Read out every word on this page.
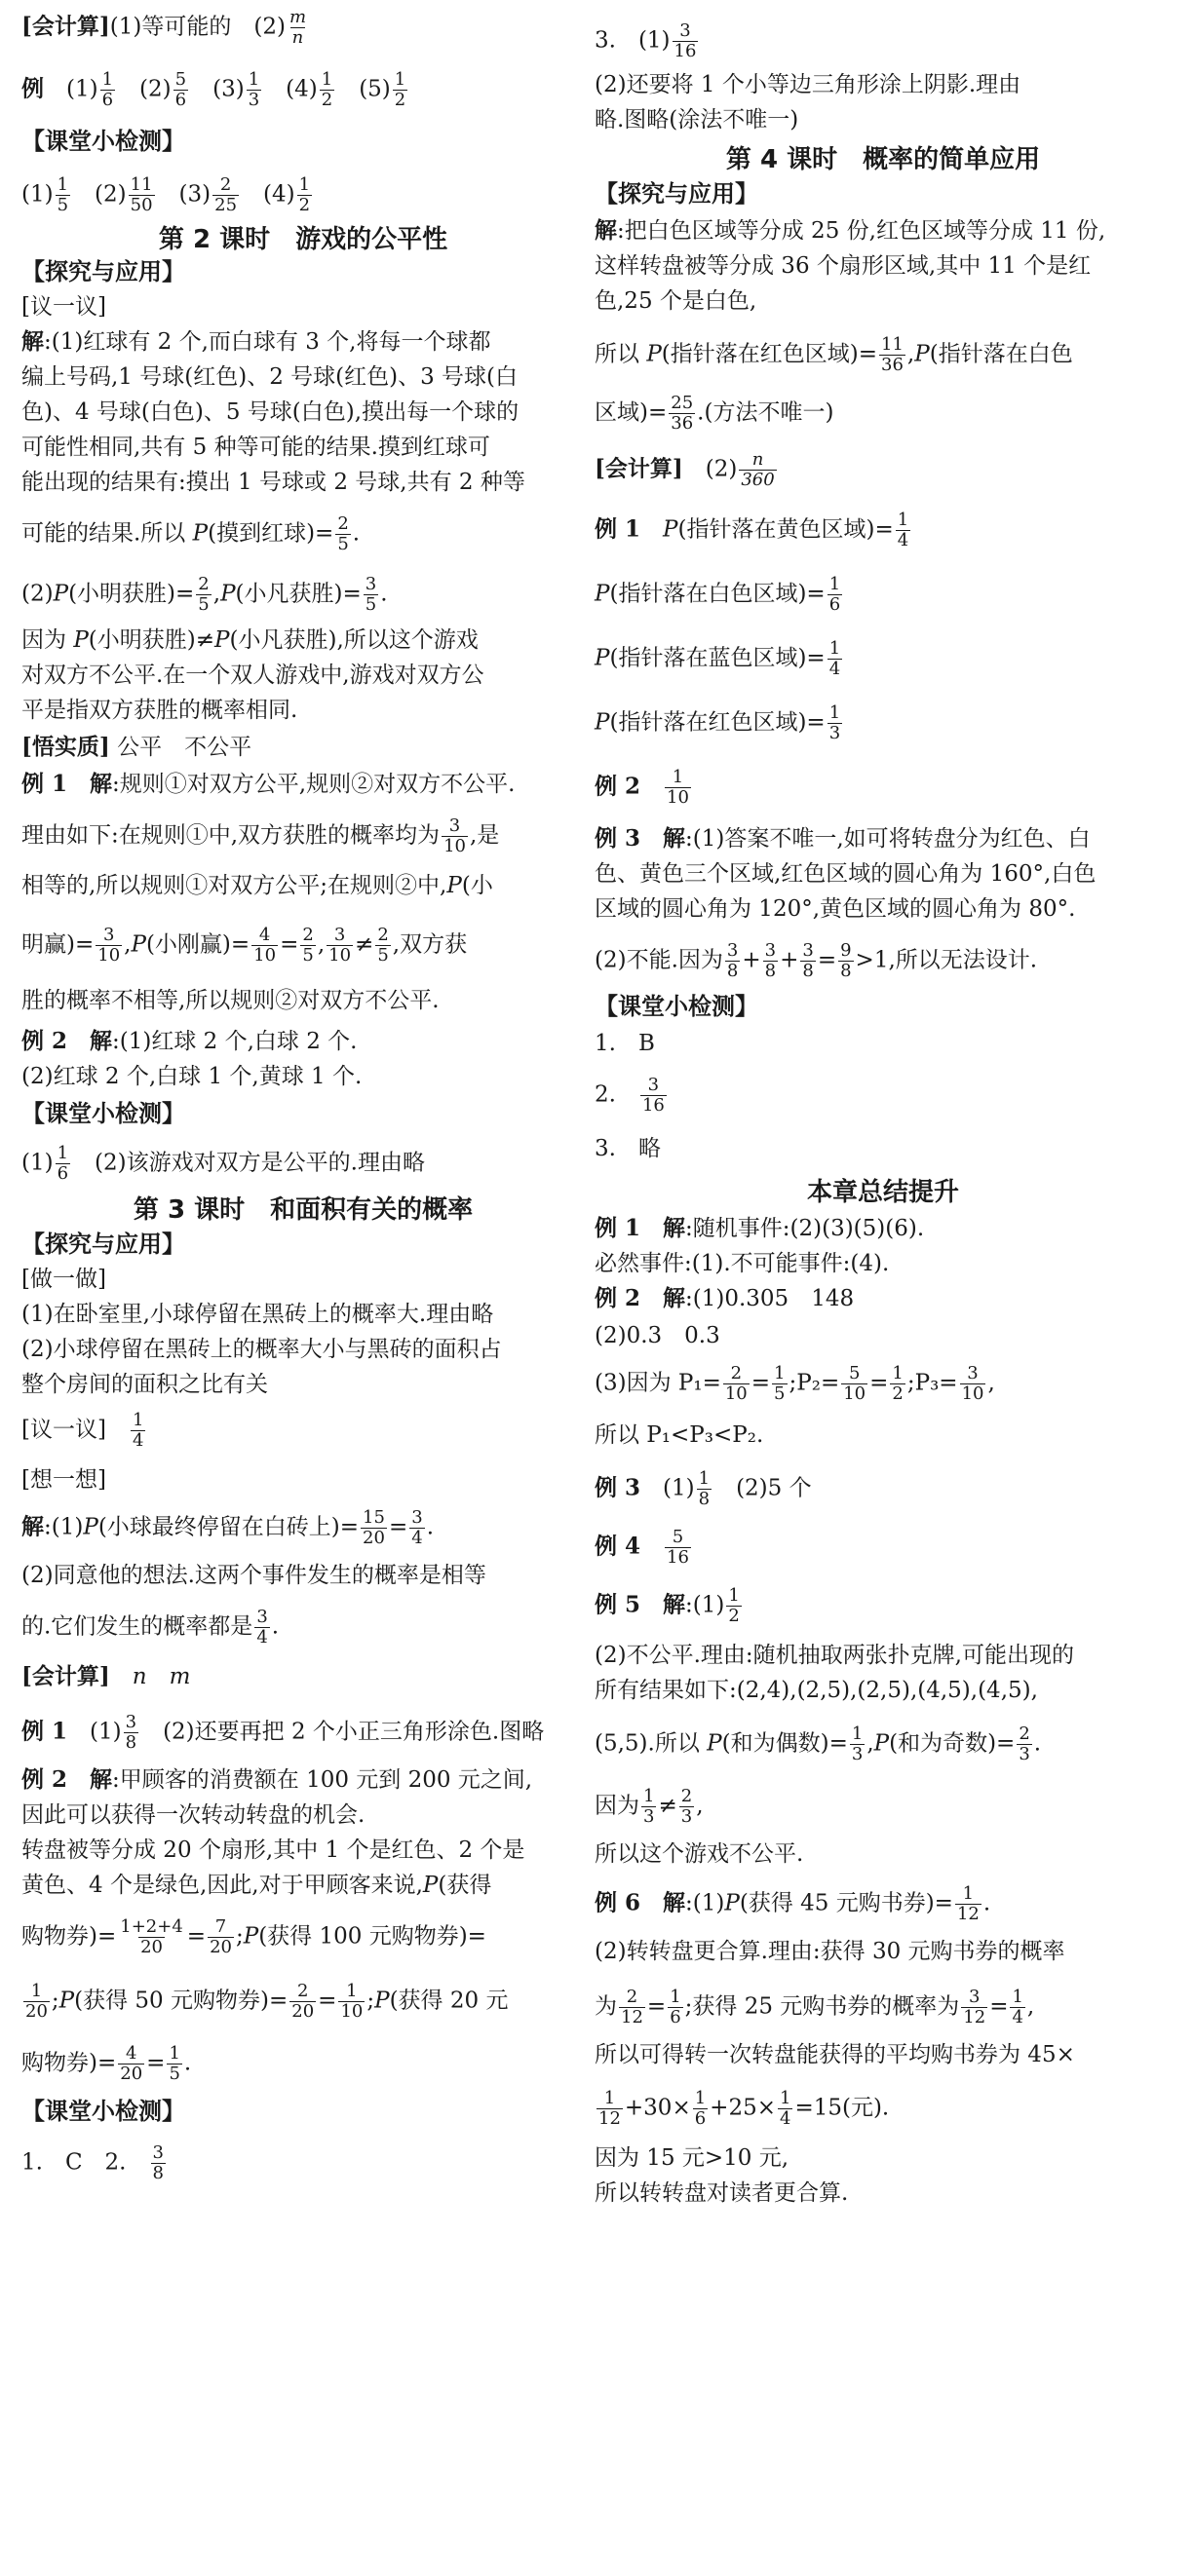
[会计算](1)等可能的　$(2) \frac{m}{n}$
例　$(1) \frac{1}{6}$ 　$(2) \frac{5}{6}$ 　$(3) \frac{1}{3}$ 　$(4) \frac{1}{2}$ 　$(5) \frac{1}{2}$
【课堂小检测】
$(1) \frac{1}{5}$ 　$(2) \frac{11}{50}$ 　$(3) \frac{2}{25}$ 　$(4) \frac{1}{2}$
第 2 课时　游戏的公平性
【探究与应用】
[议一议]
解:(1)红球有 2 个,而白球有 3 个,将每一个球都
编上号码,1 号球(红色)、2 号球(红色)、3 号球(白
色)、4 号球(白色)、5 号球(白色),摸出每一个球的
可能性相同,共有 5 种等可能的结果.摸到红球可
能出现的结果有:摸出 1 号球或 2 号球,共有 2 种等
可能的结果.所以 P(摸到红球)= $\frac{2}{5}$ .
(2)P(小明获胜)= $\frac{2}{5} ,P$(小凡获胜)= $\frac{3}{5}$ .
因为 P(小明获胜)≠P(小凡获胜),所以这个游戏
对双方不公平.在一个双人游戏中,游戏对双方公
平是指双方获胜的概率相同.
[悟实质] 公平　不公平
例 1　 解:规则①对双方公平,规则②对双方不公平.
理由如下:在规则①中,双方获胜的概率均为 $\frac{3}{10}$ ,是
相等的,所以规则①对双方公平;在规则②中,P(小
明赢)= $\frac{3}{10} ,P$(小刚赢)= $\frac{4}{10} = \frac{2}{5}$ , $\frac{3}{10} \ne \frac{2}{5}$ ,双方获
胜的概率不相等,所以规则②对双方不公平.
例 2　 解:(1)红球 2 个,白球 2 个.
(2)红球 2 个,白球 1 个,黄球 1 个.
【课堂小检测】
$(1) \frac{1}{6}$ 　(2)该游戏对双方是公平的.理由略
第 3 课时　和面积有关的概率
【探究与应用】
[做一做]
(1)在卧室里,小球停留在黑砖上的概率大.理由略
(2)小球停留在黑砖上的概率大小与黑砖的面积占
整个房间的面积之比有关
[议一议]　 $\frac{1}{4}$
[想一想]
解:(1)P(小球最终停留在白砖上)= $\frac{15}{20} = \frac{3}{4}$ .
(2)同意他的想法.这两个事件发生的概率是相等
的.它们发生的概率都是 $\frac{3}{4}$ .
[会计算]　 n　m
例 1　$(1) \frac{3}{8}$ 　(2)还要再把 2 个小正三角形涂色.图略
例 2　 解:甲顾客的消费额在 100 元到 200 元之间,
因此可以获得一次转动转盘的机会.
转盘被等分成 20 个扇形,其中 1 个是红色、2 个是
黄色、4 个是绿色,因此,对于甲顾客来说,P(获得
购物券)= $\frac{1+2+4}{20} = \frac{7}{20}$ ;P(获得 100 元购物券)=
$\frac{1}{20}$ ;P(获得 50 元购物券)= $\frac{2}{20} = \frac{1}{10}$ ;P(获得 20 元
购物券)= $\frac{4}{20} = \frac{1}{5}$ .
【课堂小检测】
1.　C　2.　 $\frac{3}{8}$
3.　$(1) \frac{3}{16}$
(2)还要将 1 个小等边三角形涂上阴影.理由
略.图略(涂法不唯一)
第 4 课时　概率的简单应用
【探究与应用】
解:把白色区域等分成 25 份,红色区域等分成 11 份,
这样转盘被等分成 36 个扇形区域,其中 11 个是红
色,25 个是白色,
所以 P(指针落在红色区域)= $\frac{11}{36} ,P$(指针落在白色
区域)= $\frac{25}{36}$ .(方法不唯一)
[会计算]　$(2) \frac{n}{360}$
例 1　 P(指针落在黄色区域)= $\frac{1}{4}$
P(指针落在白色区域)= $\frac{1}{6}$
P(指针落在蓝色区域)= $\frac{1}{4}$
P(指针落在红色区域)= $\frac{1}{3}$
例 2　 $\frac{1}{10}$
例 3　 解:(1)答案不唯一,如可将转盘分为红色、白
色、黄色三个区域,红色区域的圆心角为 160°,白色
区域的圆心角为 120°,黄色区域的圆心角为 80°.
(2)不能.因为 $\frac{3}{8} + \frac{3}{8} + \frac{3}{8} = \frac{9}{8} >1$,所以无法设计.
【课堂小检测】
1.　B
2.　 $\frac{3}{16}$
3.　略
本章总结提升
例 1　 解:随机事件:(2)(3)(5)(6).
必然事件:(1).不可能事件:(4).
例 2　 解:(1)0.305　148
(2)0.3　0.3
(3)因为 $P_1= \frac{2}{10} = \frac{1}{5}$ ;P₂= $\frac{5}{10} = \frac{1}{2}$ ;P₃= $\frac{3}{10}$ ,
所以 P₁<P₃<P₂.
例 3　$(1) \frac{1}{8}$ 　(2)5 个
例 4　 $\frac{5}{16}$
例 5　 解:(1) $\frac{1}{2}$
(2)不公平.理由:随机抽取两张扑克牌,可能出现的
所有结果如下:(2,4),(2,5),(2,5),(4,5),(4,5),
(5,5).所以 P(和为偶数)= $\frac{1}{3} ,P$(和为奇数)= $\frac{2}{3}$ .
因为 $\frac{1}{3} \ne \frac{2}{3}$ ,
所以这个游戏不公平.
例 6　 解:(1)P(获得 45 元购书券)= $\frac{1}{12}$ .
(2)转转盘更合算.理由:获得 30 元购书券的概率
为 $\frac{2}{12} = \frac{1}{6}$ ;获得 25 元购书券的概率为 $\frac{3}{12} = \frac{1}{4}$ ,
所以可得转一次转盘能获得的平均购书券为 45×
$\frac{1}{12} +30\times \frac{1}{6} +25\times \frac{1}{4} =15$(元).
因为 15 元>10 元,
所以转转盘对读者更合算.
